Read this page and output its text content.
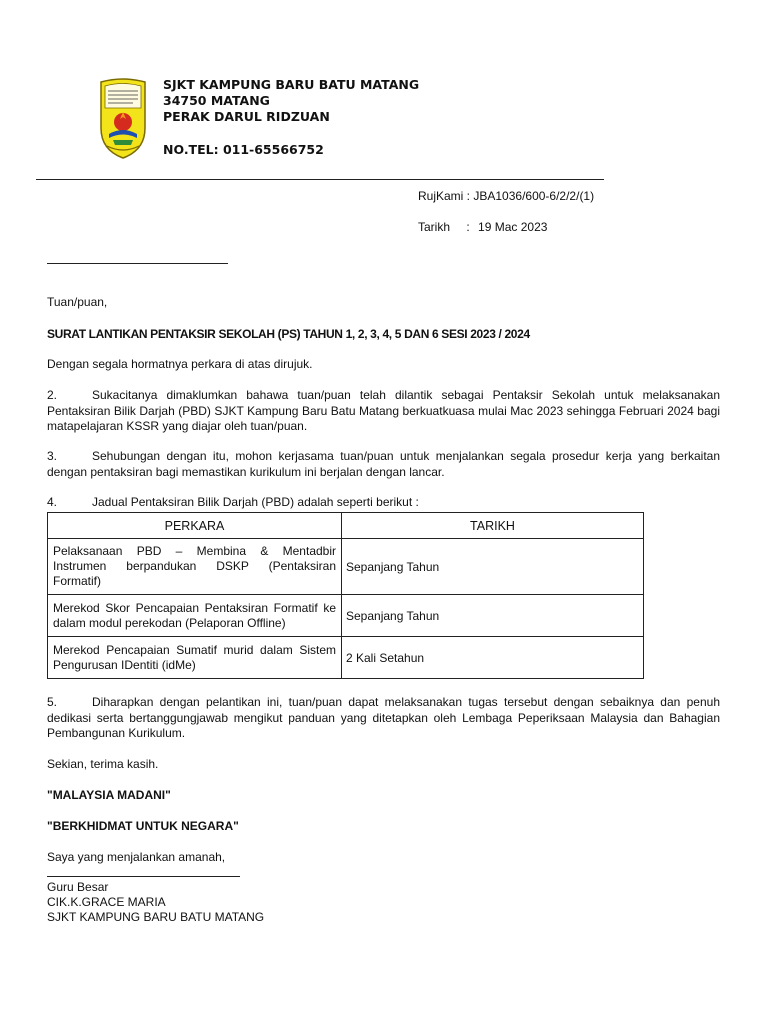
SJKT KAMPUNG BARU BATU MATANG
34750 MATANG
PERAK DARUL RIDZUAN
NO.TEL: 011-65566752
RujKami : JBA1036/600-6/2/2/(1)
Tarikh : 19 Mac 2023
Tuan/puan,
SURAT LANTIKAN PENTAKSIR SEKOLAH (PS) TAHUN 1, 2, 3, 4, 5 DAN 6 SESI 2023 / 2024
Dengan segala hormatnya perkara di atas dirujuk.
2.	Sukacitanya dimaklumkan bahawa tuan/puan telah dilantik sebagai Pentaksir Sekolah untuk melaksanakan Pentaksiran Bilik Darjah (PBD) SJKT Kampung Baru Batu Matang berkuatkuasa mulai Mac 2023 sehingga Februari 2024 bagi matapelajaran KSSR yang diajar oleh tuan/puan.
3.	Sehubungan dengan itu, mohon kerjasama tuan/puan untuk menjalankan segala prosedur kerja yang berkaitan dengan pentaksiran bagi memastikan kurikulum ini berjalan dengan lancar.
4.	Jadual Pentaksiran Bilik Darjah (PBD) adalah seperti berikut :
PERKARA	TARIKH
Pelaksanaan PBD – Membina & Mentadbir Instrumen berpandukan DSKP (Pentaksiran Formatif)	Sepanjang Tahun
Merekod Skor Pencapaian Pentaksiran Formatif ke dalam modul perekodan (Pelaporan Offline)	Sepanjang Tahun
Merekod Pencapaian Sumatif murid dalam Sistem Pengurusan IDentiti (idMe)	2 Kali Setahun
5.	Diharapkan dengan pelantikan ini, tuan/puan dapat melaksanakan tugas tersebut dengan sebaiknya dan penuh dedikasi serta bertanggungjawab mengikut panduan yang ditetapkan oleh Lembaga Peperiksaan Malaysia dan Bahagian Pembangunan Kurikulum.
Sekian, terima kasih.
"MALAYSIA MADANI"
"BERKHIDMAT UNTUK NEGARA"
Saya yang menjalankan amanah,
Guru Besar
CIK.K.GRACE MARIA
SJKT KAMPUNG BARU BATU MATANG
